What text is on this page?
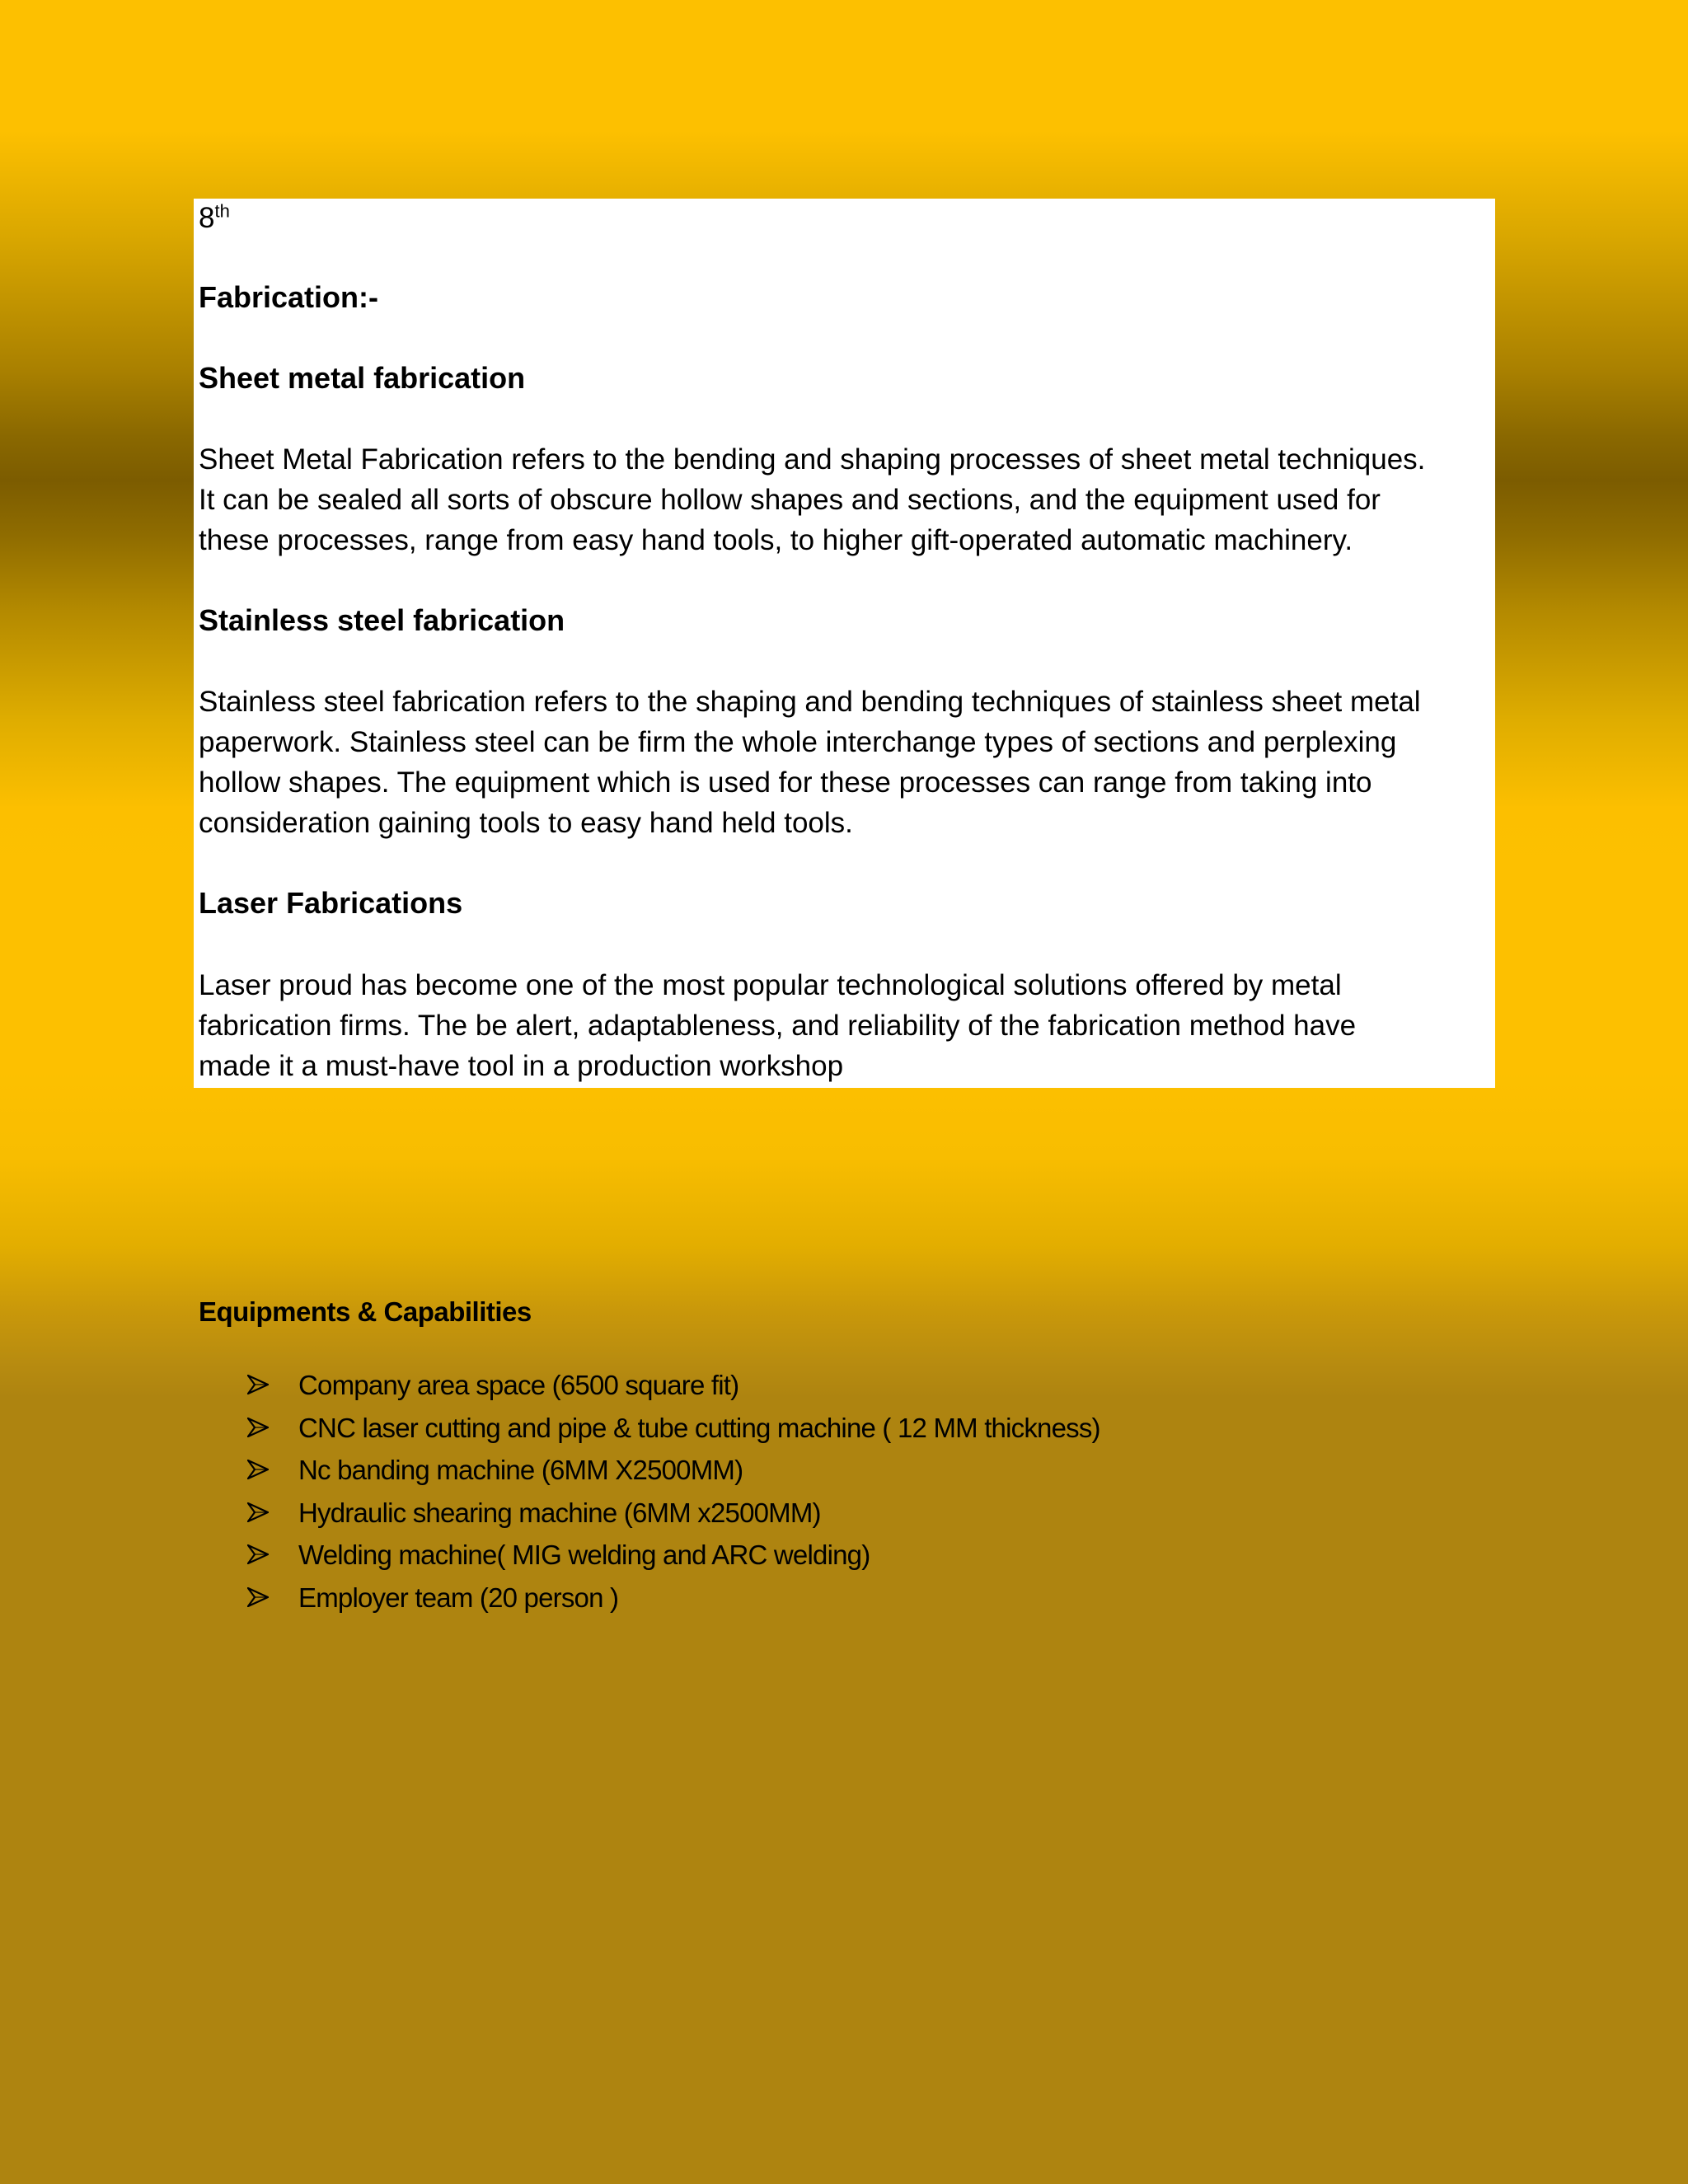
8th
Fabrication:-
Sheet metal fabrication
Sheet Metal Fabrication refers to the bending and shaping processes of sheet metal techniques.
It can be sealed all sorts of obscure hollow shapes and sections, and the equipment used for
these processes, range from easy hand tools, to higher gift-operated automatic machinery.
Stainless steel fabrication
Stainless steel fabrication refers to the shaping and bending techniques of stainless sheet metal
paperwork. Stainless steel can be firm the whole interchange types of sections and perplexing
hollow shapes. The equipment which is used for these processes can range from taking into
consideration gaining tools to easy hand held tools.
Laser Fabrications
Laser proud has become one of the most popular technological solutions offered by metal
fabrication firms. The be alert, adaptableness, and reliability of the fabrication method have
made it a must-have tool in a production workshop
Equipments & Capabilities
Company area space (6500 square fit)
CNC laser cutting and pipe & tube cutting machine ( 12 MM thickness)
Nc banding machine (6MM X2500MM)
Hydraulic shearing machine (6MM x2500MM)
Welding machine( MIG welding and ARC welding)
Employer team (20 person )
